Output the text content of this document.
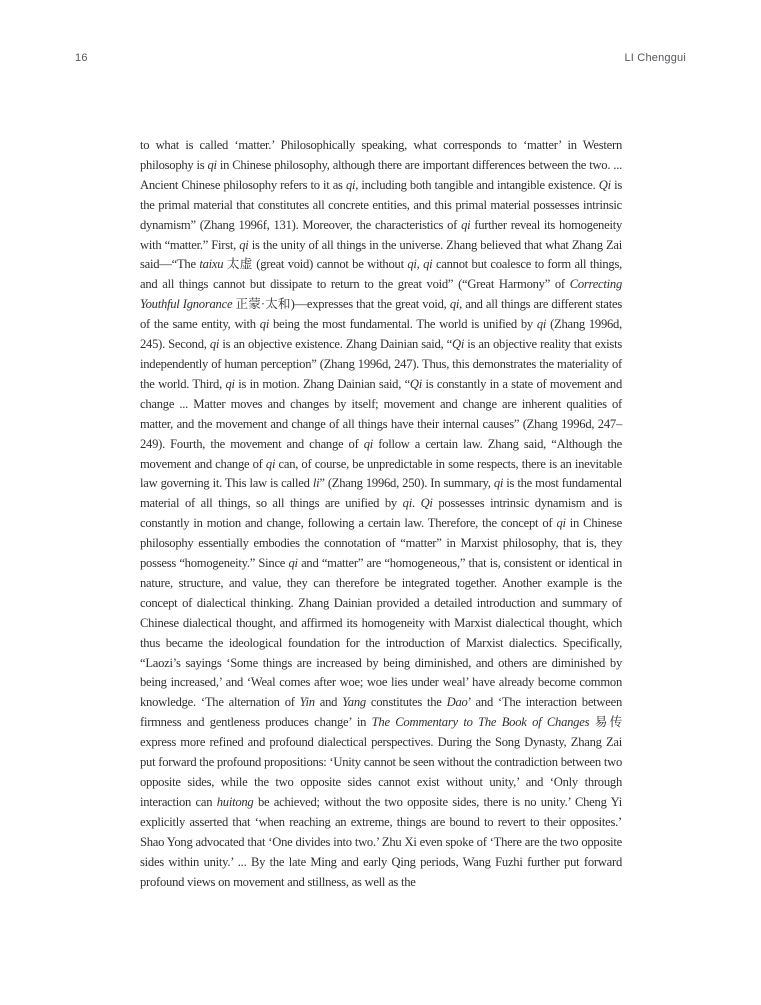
16	LI Chenggui

to what is called ‘matter.’ Philosophically speaking, what corresponds to ‘matter’ in Western philosophy is qi in Chinese philosophy, although there are important differences between the two. ... Ancient Chinese philosophy refers to it as qi, including both tangible and intangible existence. Qi is the primal material that constitutes all concrete entities, and this primal material possesses intrinsic dynamism” (Zhang 1996f, 131). Moreover, the characteristics of qi further reveal its homogeneity with “matter.” First, qi is the unity of all things in the universe. Zhang believed that what Zhang Zai said—“The taixu 太虚 (great void) cannot be without qi, qi cannot but coalesce to form all things, and all things cannot but dissipate to return to the great void” (“Great Harmony” of Correcting Youthful Ignorance 正蒙·太和)—expresses that the great void, qi, and all things are different states of the same entity, with qi being the most fundamental. The world is unified by qi (Zhang 1996d, 245). Second, qi is an objective existence. Zhang Dainian said, “Qi is an objective reality that exists independently of human perception” (Zhang 1996d, 247). Thus, this demonstrates the materiality of the world. Third, qi is in motion. Zhang Dainian said, “Qi is constantly in a state of movement and change ... Matter moves and changes by itself; movement and change are inherent qualities of matter, and the movement and change of all things have their internal causes” (Zhang 1996d, 247–249). Fourth, the movement and change of qi follow a certain law. Zhang said, “Although the movement and change of qi can, of course, be unpredictable in some respects, there is an inevitable law governing it. This law is called li” (Zhang 1996d, 250). In summary, qi is the most fundamental material of all things, so all things are unified by qi. Qi possesses intrinsic dynamism and is constantly in motion and change, following a certain law. Therefore, the concept of qi in Chinese philosophy essentially embodies the connotation of “matter” in Marxist philosophy, that is, they possess “homogeneity.” Since qi and “matter” are “homogeneous,” that is, consistent or identical in nature, structure, and value, they can therefore be integrated together. Another example is the concept of dialectical thinking. Zhang Dainian provided a detailed introduction and summary of Chinese dialectical thought, and affirmed its homogeneity with Marxist dialectical thought, which thus became the ideological foundation for the introduction of Marxist dialectics. Specifically, “Laozi’s sayings ‘Some things are increased by being diminished, and others are diminished by being increased,’ and ‘Weal comes after woe; woe lies under weal’ have already become common knowledge. ‘The alternation of Yin and Yang constitutes the Dao’ and ‘The interaction between firmness and gentleness produces change’ in The Commentary to The Book of Changes 易传 express more refined and profound dialectical perspectives. During the Song Dynasty, Zhang Zai put forward the profound propositions: ‘Unity cannot be seen without the contradiction between two opposite sides, while the two opposite sides cannot exist without unity,’ and ‘Only through interaction can huitong be achieved; without the two opposite sides, there is no unity.’ Cheng Yi explicitly asserted that ‘when reaching an extreme, things are bound to revert to their opposites.’ Shao Yong advocated that ‘One divides into two.’ Zhu Xi even spoke of ‘There are the two opposite sides within unity.’ ... By the late Ming and early Qing periods, Wang Fuzhi further put forward profound views on movement and stillness, as well as the
